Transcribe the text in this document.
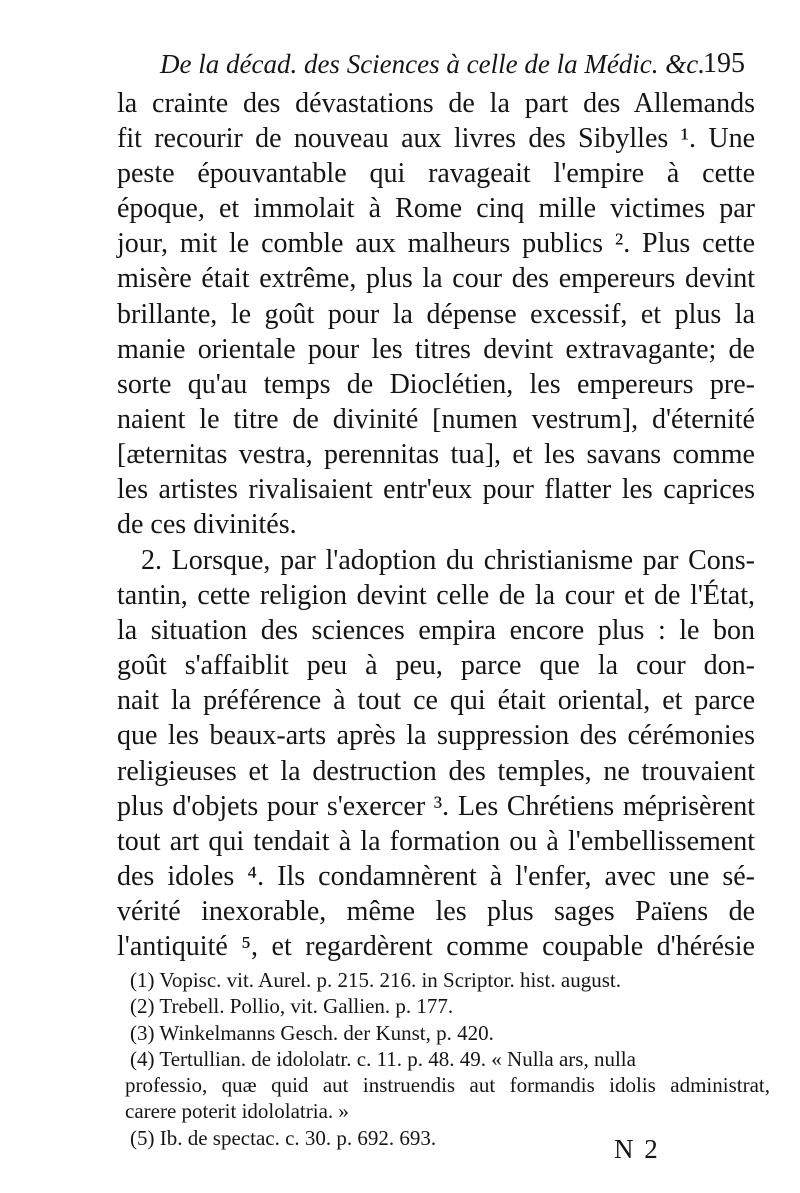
De la décad. des Sciences à celle de la Médic. &c.
195
la crainte des dévastations de la part des Allemands
fit recourir de nouveau aux livres des Sibylles ¹. Une
peste épouvantable qui ravageait l'empire à cette
époque, et immolait à Rome cinq mille victimes par
jour, mit le comble aux malheurs publics ². Plus cette
misère était extrême, plus la cour des empereurs devint
brillante, le goût pour la dépense excessif, et plus la
manie orientale pour les titres devint extravagante; de
sorte qu'au temps de Dioclétien, les empereurs pre-
naient le titre de divinité [numen vestrum], d'éternité
[æternitas vestra, perennitas tua], et les savans comme
les artistes rivalisaient entr'eux pour flatter les caprices
de ces divinités.
2. Lorsque, par l'adoption du christianisme par Cons-
tantin, cette religion devint celle de la cour et de l'État,
la situation des sciences empira encore plus : le bon
goût s'affaiblit peu à peu, parce que la cour don-
nait la préférence à tout ce qui était oriental, et parce
que les beaux-arts après la suppression des cérémonies
religieuses et la destruction des temples, ne trouvaient
plus d'objets pour s'exercer ³. Les Chrétiens méprisèrent
tout art qui tendait à la formation ou à l'embellissement
des idoles ⁴. Ils condamnèrent à l'enfer, avec une sé-
vérité inexorable, même les plus sages Païens de
l'antiquité ⁵, et regardèrent comme coupable d'hérésie
(1) Vopisc. vit. Aurel. p. 215. 216. in Scriptor. hist. august.
(2) Trebell. Pollio, vit. Gallien. p. 177.
(3) Winkelmanns Gesch. der Kunst, p. 420.
(4) Tertullian. de idololatr. c. 11. p. 48. 49. « Nulla ars, nulla
professio, quæ quid aut instruendis aut formandis idolis administrat,
carere poterit idololatria. »
(5) Ib. de spectac. c. 30. p. 692. 693.	N 2
